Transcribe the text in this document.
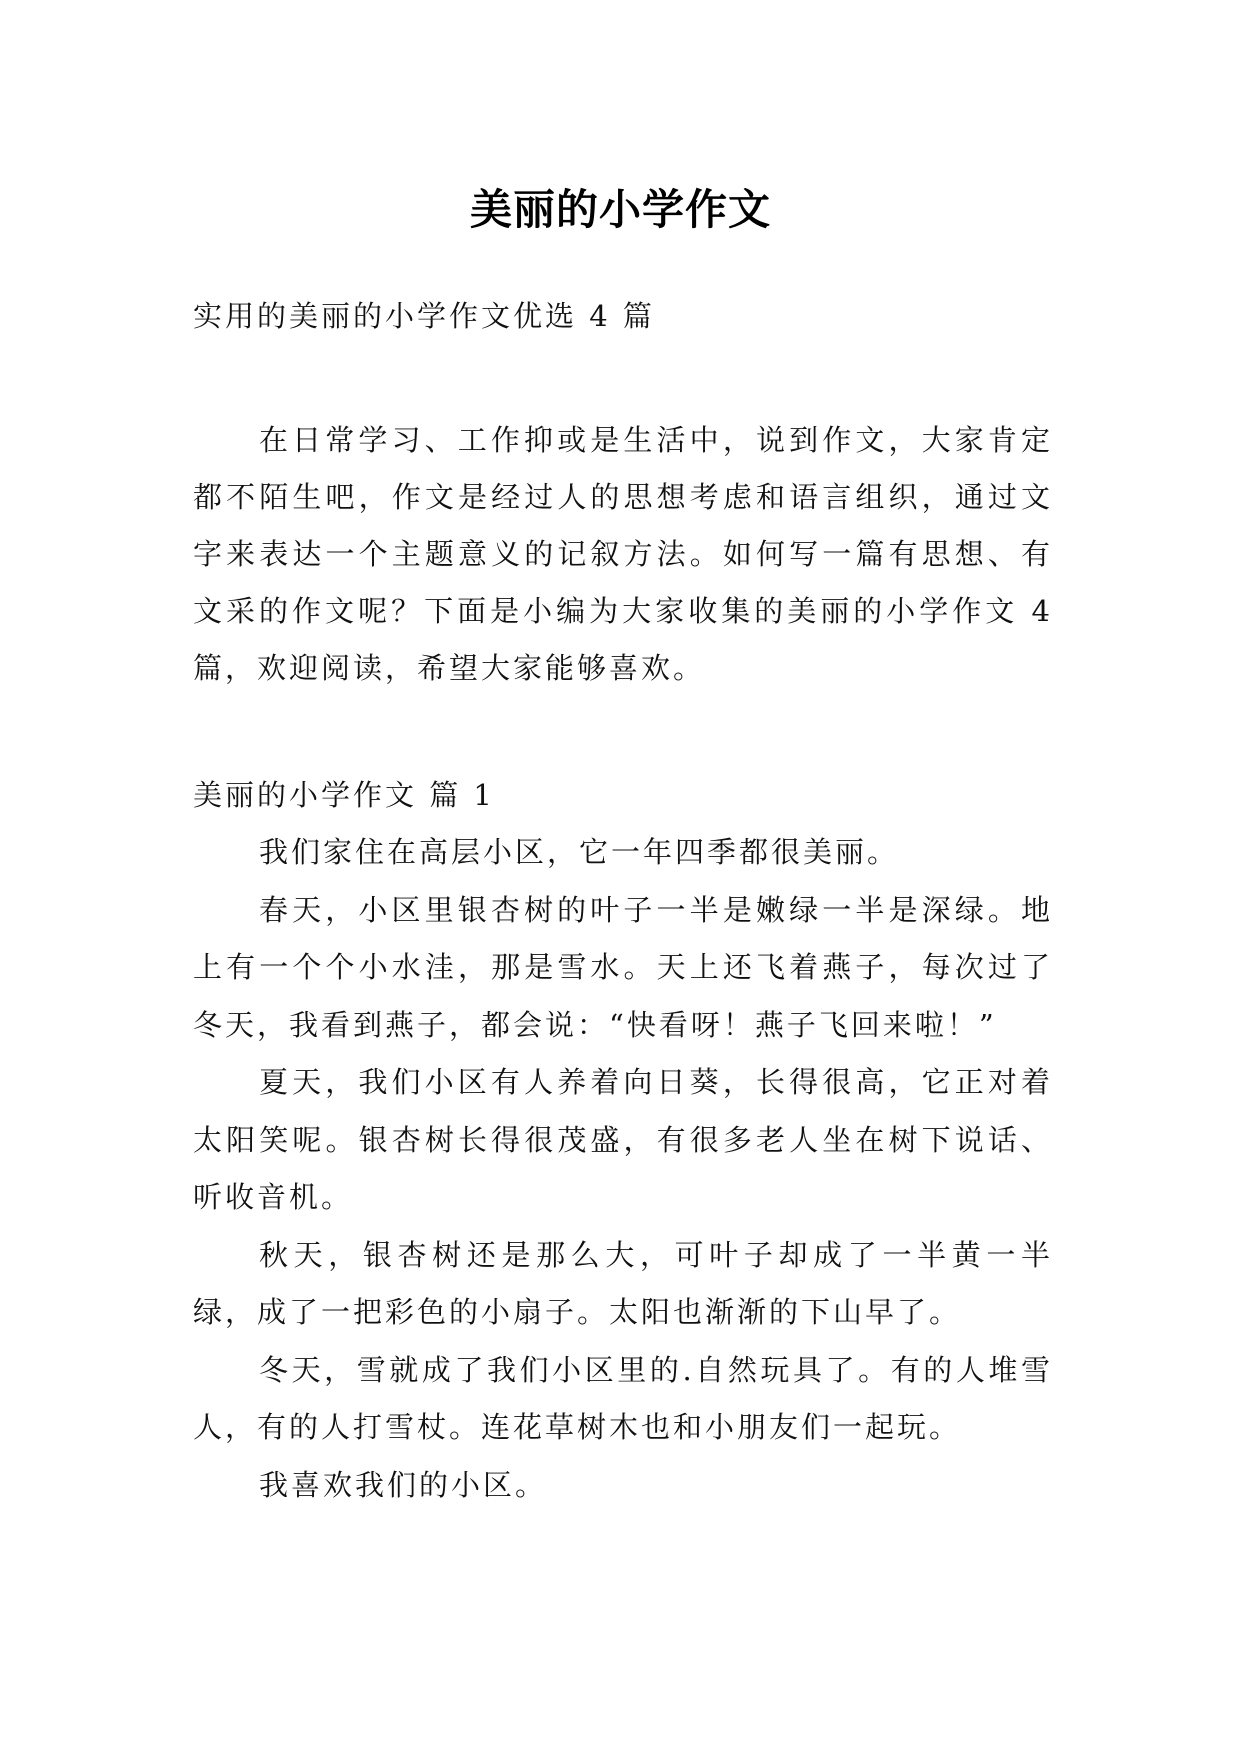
美丽的小学作文

实用的美丽的小学作文优选 4 篇

在日常学习、工作抑或是生活中，说到作文，大家肯定都不陌生吧，作文是经过人的思想考虑和语言组织，通过文字来表达一个主题意义的记叙方法。如何写一篇有思想、有文采的作文呢？下面是小编为大家收集的美丽的小学作文 4 篇，欢迎阅读，希望大家能够喜欢。

美丽的小学作文 篇 1

我们家住在高层小区，它一年四季都很美丽。

春天，小区里银杏树的叶子一半是嫩绿一半是深绿。地上有一个个小水洼，那是雪水。天上还飞着燕子，每次过了冬天，我看到燕子，都会说：“快看呀！燕子飞回来啦！”

夏天，我们小区有人养着向日葵，长得很高，它正对着太阳笑呢。银杏树长得很茂盛，有很多老人坐在树下说话、听收音机。

秋天，银杏树还是那么大，可叶子却成了一半黄一半绿，成了一把彩色的小扇子。太阳也渐渐的下山早了。

冬天，雪就成了我们小区里的.自然玩具了。有的人堆雪人，有的人打雪杖。连花草树木也和小朋友们一起玩。

我喜欢我们的小区。
